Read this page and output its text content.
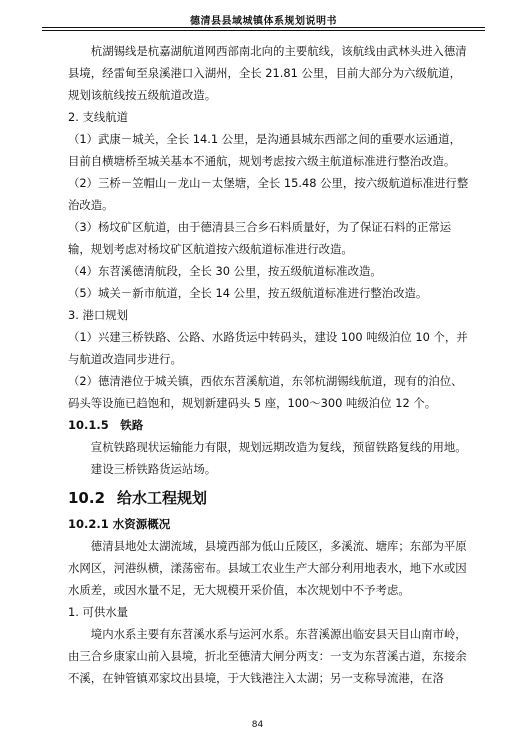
德清县县域城镇体系规划说明书
杭湖锡线是杭嘉湖航道网西部南北向的主要航线，该航线由武林头进入德清县境，经雷甸至泉溪港口入湖州，全长 21.81 公里，目前大部分为六级航道，规划该航线按五级航道改造。
2. 支线航道
（1）武康－城关，全长 14.1 公里，是沟通县城东西部之间的重要水运通道，目前自横塘桥至城关基本不通航，规划考虑按六级主航道标准进行整治改造。
（2）三桥－笠帽山－龙山－太堡塘，全长 15.48 公里，按六级航道标准进行整治改造。
（3）杨坟矿区航道，由于德清县三合乡石料质量好，为了保证石料的正常运输，规划考虑对杨坟矿区航道按六级航道标准进行改造。
（4）东苕溪德清航段，全长 30 公里，按五级航道标准改造。
（5）城关－新市航道，全长 14 公里，按五级航道标准进行整治改造。
3. 港口规划
（1）兴建三桥铁路、公路、水路货运中转码头，建设 100 吨级泊位 10 个，并与航道改造同步进行。
（2）德清港位于城关镇，西依东苕溪航道，东邻杭湖锡线航道，现有的泊位、码头等设施已趋饱和，规划新建码头 5 座，100～300 吨级泊位 12 个。
10.1.5　铁路
宣杭铁路现状运输能力有限，规划远期改造为复线，预留铁路复线的用地。
建设三桥铁路货运站场。
10.2 给水工程规划
10.2.1 水资源概况
德清县地处太湖流域，县境西部为低山丘陵区，多溪流、塘库；东部为平原水网区，河港纵横，漾荡密布。县域工农业生产大部分利用地表水，地下水或因水质差，或因水量不足，无大规模开采价值，本次规划中不予考虑。
1. 可供水量
境内水系主要有东苕溪水系与运河水系。东苕溪源出临安县天目山南市岭，由三合乡康家山前入县境，折北至德清大闸分两支：一支为东苕溪古道，东接余不溪，在钟管镇邓家坟出县境，于大钱港注入太湖；另一支称导流港，在洛
84
